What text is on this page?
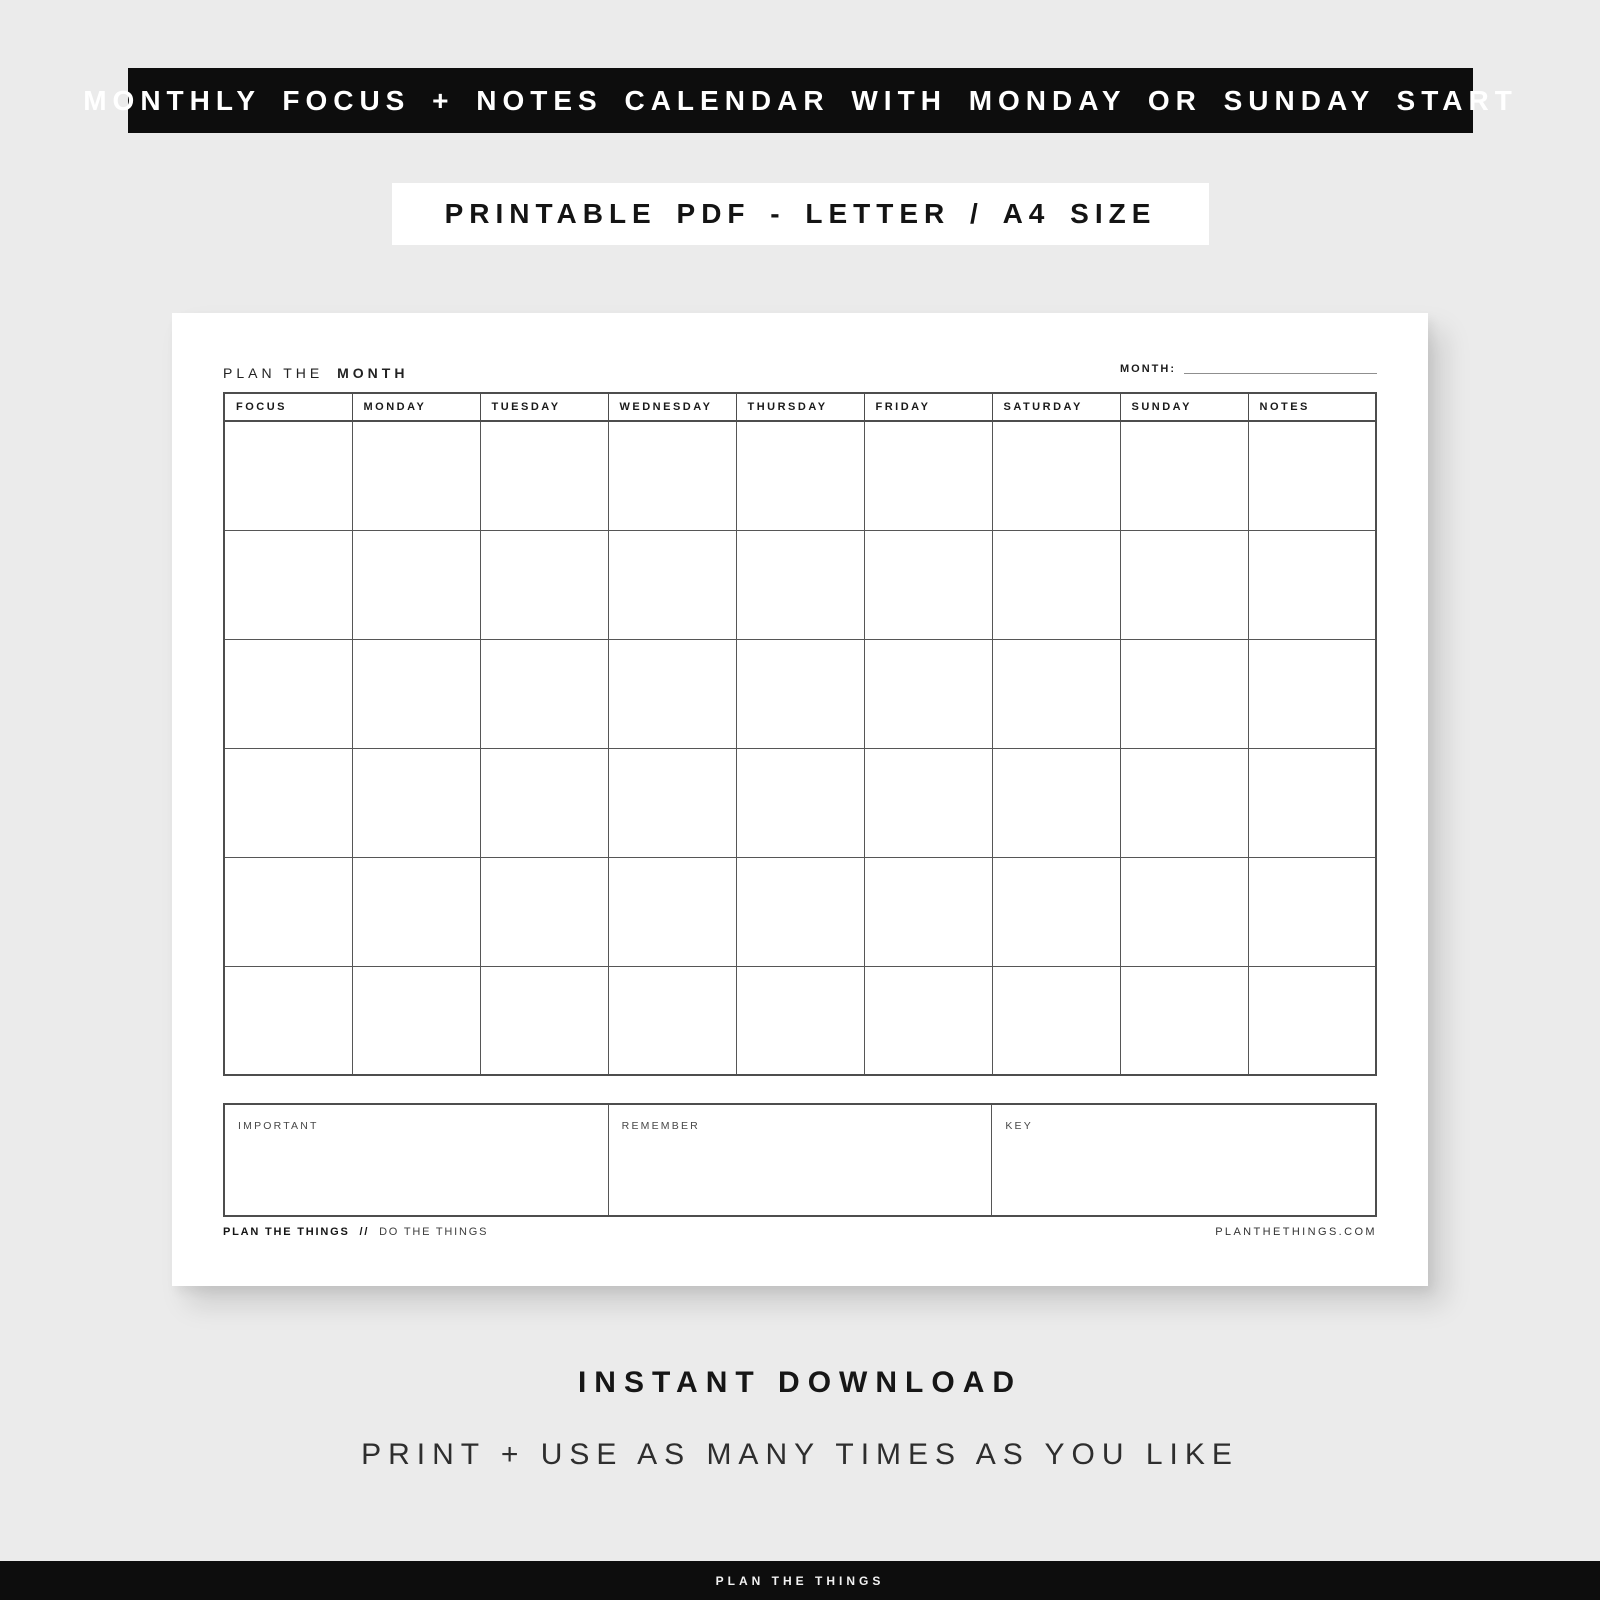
MONTHLY FOCUS + NOTES CALENDAR WITH MONDAY OR SUNDAY START
PRINTABLE PDF - LETTER / A4 SIZE
PLAN THE MONTH	MONTH:
FOCUS	MONDAY	TUESDAY	WEDNESDAY	THURSDAY	FRIDAY	SATURDAY	SUNDAY	NOTES

IMPORTANT	REMEMBER	KEY
PLAN THE THINGS // DO THE THINGS	PLANTHETHINGS.COM
INSTANT DOWNLOAD
PRINT + USE AS MANY TIMES AS YOU LIKE
PLAN THE THINGS
